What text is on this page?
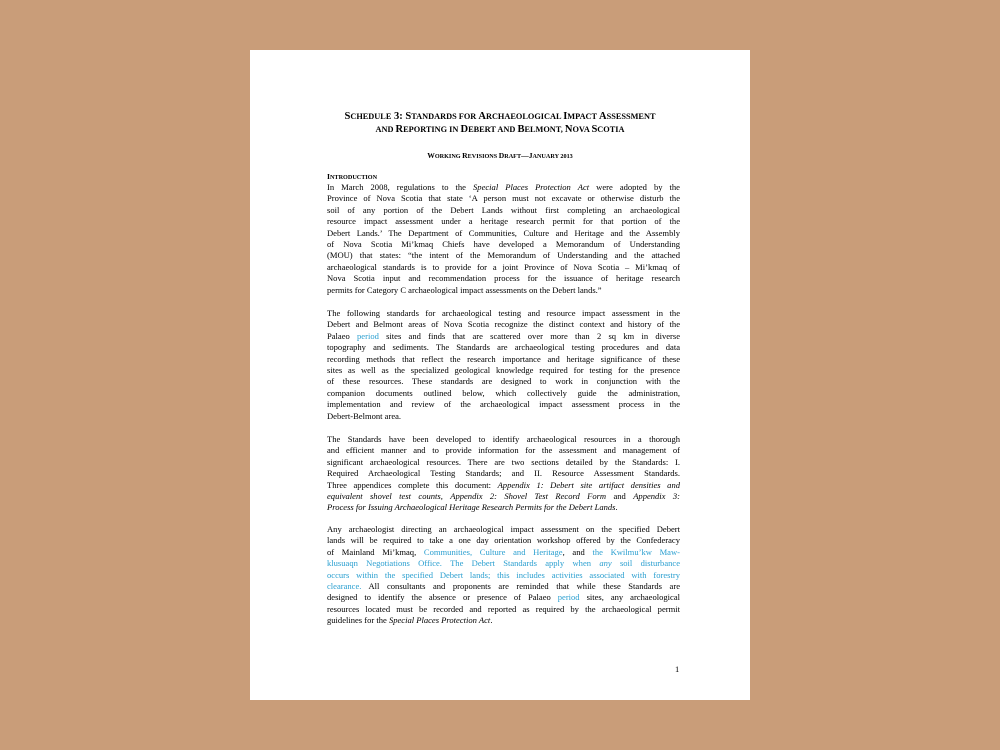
SCHEDULE 3: STANDARDS FOR ARCHAEOLOGICAL IMPACT ASSESSMENT
AND REPORTING IN DEBERT AND BELMONT, NOVA SCOTIA
WORKING REVISIONS DRAFT—JANUARY 2013
INTRODUCTION
In March 2008, regulations to the Special Places Protection Act were adopted by the
Province of Nova Scotia that state ‘A person must not excavate or otherwise disturb the
soil of any portion of the Debert Lands without first completing an archaeological
resource impact assessment under a heritage research permit for that portion of the
Debert Lands.’ The Department of Communities, Culture and Heritage and the Assembly
of Nova Scotia Mi’kmaq Chiefs have developed a Memorandum of Understanding
(MOU) that states: “the intent of the Memorandum of Understanding and the attached
archaeological standards is to provide for a joint Province of Nova Scotia – Mi’kmaq of
Nova Scotia input and recommendation process for the issuance of heritage research
permits for Category C archaeological impact assessments on the Debert lands.”
The following standards for archaeological testing and resource impact assessment in the
Debert and Belmont areas of Nova Scotia recognize the distinct context and history of the
Palaeo period sites and finds that are scattered over more than 2 sq km in diverse
topography and sediments. The Standards are archaeological testing procedures and data
recording methods that reflect the research importance and heritage significance of these
sites as well as the specialized geological knowledge required for testing for the presence
of these resources. These standards are designed to work in conjunction with the
companion documents outlined below, which collectively guide the administration,
implementation and review of the archaeological impact assessment process in the
Debert-Belmont area.
The Standards have been developed to identify archaeological resources in a thorough
and efficient manner and to provide information for the assessment and management of
significant archaeological resources. There are two sections detailed by the Standards: I.
Required Archaeological Testing Standards; and II. Resource Assessment Standards.
Three appendices complete this document: Appendix 1: Debert site artifact densities and
equivalent shovel test counts, Appendix 2: Shovel Test Record Form and Appendix 3:
Process for Issuing Archaeological Heritage Research Permits for the Debert Lands.
Any archaeologist directing an archaeological impact assessment on the specified Debert
lands will be required to take a one day orientation workshop offered by the Confederacy
of Mainland Mi’kmaq, Communities, Culture and Heritage, and the Kwilmu’kw Maw-
klusuaqn Negotiations Office. The Debert Standards apply when any soil disturbance
occurs within the specified Debert lands; this includes activities associated with forestry
clearance. All consultants and proponents are reminded that while these Standards are
designed to identify the absence or presence of Palaeo period sites, any archaeological
resources located must be recorded and reported as required by the archaeological permit
guidelines for the Special Places Protection Act.
1
